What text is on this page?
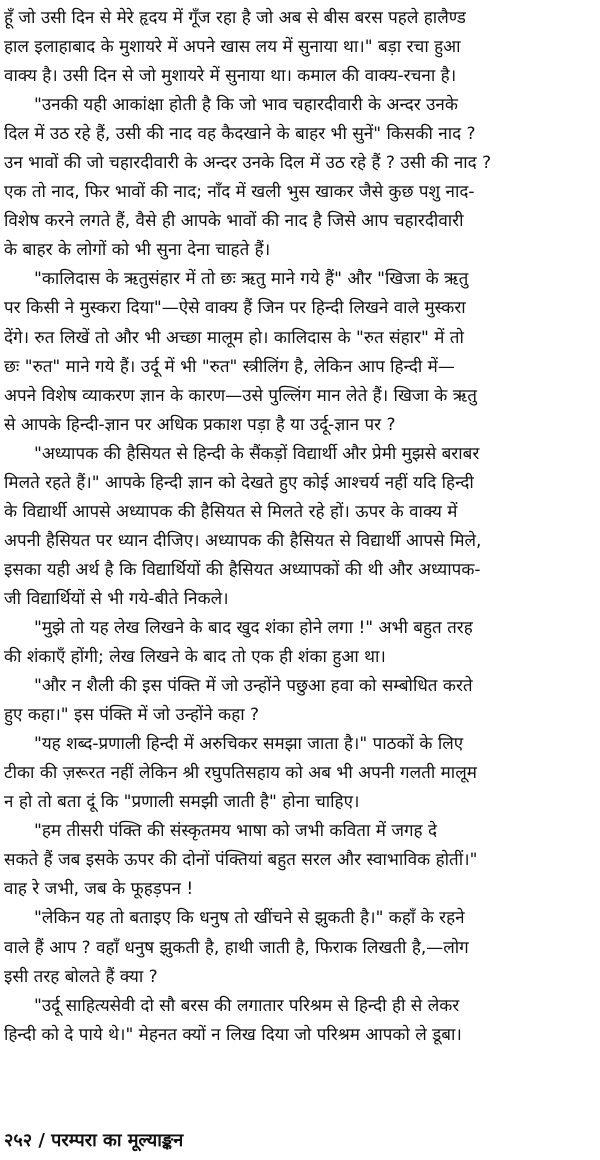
हूँ जो उसी दिन से मेरे हृदय में गूँज रहा है जो अब से बीस बरस पहले हालैण्ड
हाल इलाहाबाद के मुशायरे में अपने खास लय में सुनाया था।" बड़ा रचा हुआ
वाक्य है। उसी दिन से जो मुशायरे में सुनाया था। कमाल की वाक्य-रचना है।
"उनकी यही आकांक्षा होती है कि जो भाव चहारदीवारी के अन्दर उनके
दिल में उठ रहे हैं, उसी की नाद वह कैदखाने के बाहर भी सुनें" किसकी नाद ?
उन भावों की जो चहारदीवारी के अन्दर उनके दिल में उठ रहे हैं ? उसी की नाद ?
एक तो नाद, फिर भावों की नाद; नाँद में खली भुस खाकर जैसे कुछ पशु नाद-
विशेष करने लगते हैं, वैसे ही आपके भावों की नाद है जिसे आप चहारदीवारी
के बाहर के लोगों को भी सुना देना चाहते हैं।
"कालिदास के ऋतुसंहार में तो छः ऋतु माने गये हैं" और "खिजा के ऋतु
पर किसी ने मुस्करा दिया"—ऐसे वाक्य हैं जिन पर हिन्दी लिखने वाले मुस्करा
देंगे। रुत लिखें तो और भी अच्छा मालूम हो। कालिदास के "रुत संहार" में तो
छः "रुत" माने गये हैं। उर्दू में भी "रुत" स्त्रीलिंग है, लेकिन आप हिन्दी में—
अपने विशेष व्याकरण ज्ञान के कारण—उसे पुल्लिंग मान लेते हैं। खिजा के ऋतु
से आपके हिन्दी-ज्ञान पर अधिक प्रकाश पड़ा है या उर्दू-ज्ञान पर ?
"अध्यापक की हैसियत से हिन्दी के सैंकड़ों विद्यार्थी और प्रेमी मुझसे बराबर
मिलते रहते हैं।" आपके हिन्दी ज्ञान को देखते हुए कोई आश्चर्य नहीं यदि हिन्दी
के विद्यार्थी आपसे अध्यापक की हैसियत से मिलते रहे हों। ऊपर के वाक्य में
अपनी हैसियत पर ध्यान दीजिए। अध्यापक की हैसियत से विद्यार्थी आपसे मिले,
इसका यही अर्थ है कि विद्यार्थियों की हैसियत अध्यापकों की थी और अध्यापक-
जी विद्यार्थियों से भी गये-बीते निकले।
"मुझे तो यह लेख लिखने के बाद खुद शंका होने लगा !" अभी बहुत तरह
की शंकाएँ होंगी; लेख लिखने के बाद तो एक ही शंका हुआ था।
"और न शैली की इस पंक्ति में जो उन्होंने पछुआ हवा को सम्बोधित करते
हुए कहा।" इस पंक्ति में जो उन्होंने कहा ?
"यह शब्द-प्रणाली हिन्दी में अरुचिकर समझा जाता है।" पाठकों के लिए
टीका की ज़रूरत नहीं लेकिन श्री रघुपतिसहाय को अब भी अपनी गलती मालूम
न हो तो बता दूं कि "प्रणाली समझी जाती है" होना चाहिए।
"हम तीसरी पंक्ति की संस्कृतमय भाषा को जभी कविता में जगह दे
सकते हैं जब इसके ऊपर की दोनों पंक्तियां बहुत सरल और स्वाभाविक होतीं।"
वाह रे जभी, जब के फूहड़पन !
"लेकिन यह तो बताइए कि धनुष तो खींचने से झुकती है।" कहाँ के रहने
वाले हैं आप ? वहाँ धनुष झुकती है, हाथी जाती है, फिराक लिखती है,—लोग
इसी तरह बोलते हैं क्या ?
"उर्दू साहित्यसेवी दो सौ बरस की लगातार परिश्रम से हिन्दी ही से लेकर
हिन्दी को दे पाये थे।" मेहनत क्यों न लिख दिया जो परिश्रम आपको ले डूबा।
२५२ / परम्परा का मूल्याङ्कन
